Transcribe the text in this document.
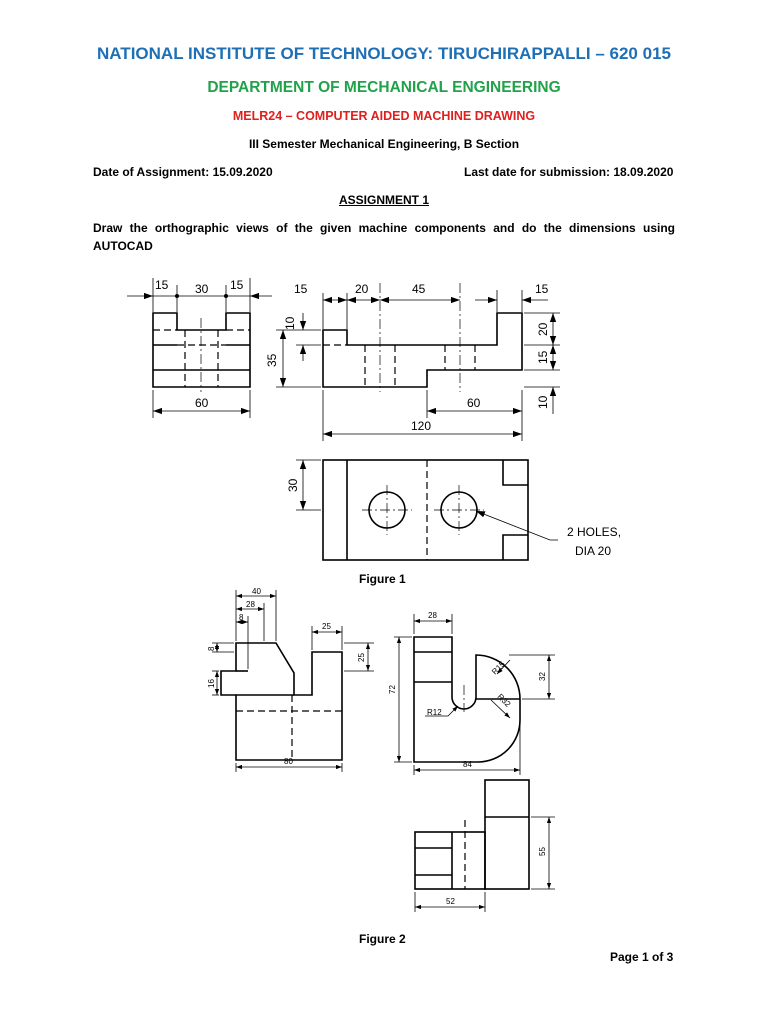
NATIONAL INSTITUTE OF TECHNOLOGY: TIRUCHIRAPPALLI – 620 015
DEPARTMENT OF MECHANICAL ENGINEERING
MELR24 – COMPUTER AIDED MACHINE DRAWING
III Semester Mechanical Engineering, B Section
Date of Assignment: 15.09.2020	Last date for submission: 18.09.2020
ASSIGNMENT 1
Draw the orthographic views of the given machine components and do the dimensions using AUTOCAD
15 30 15
60
15	20	45	15
10
35
20
15
10
60
120
30
2 HOLES,
DIA 20
40
28
8
25
8
16
25
80
28
72
R15
R32
32
R12
84
55
52
Figure 1
Figure 2
Page 1 of 3
